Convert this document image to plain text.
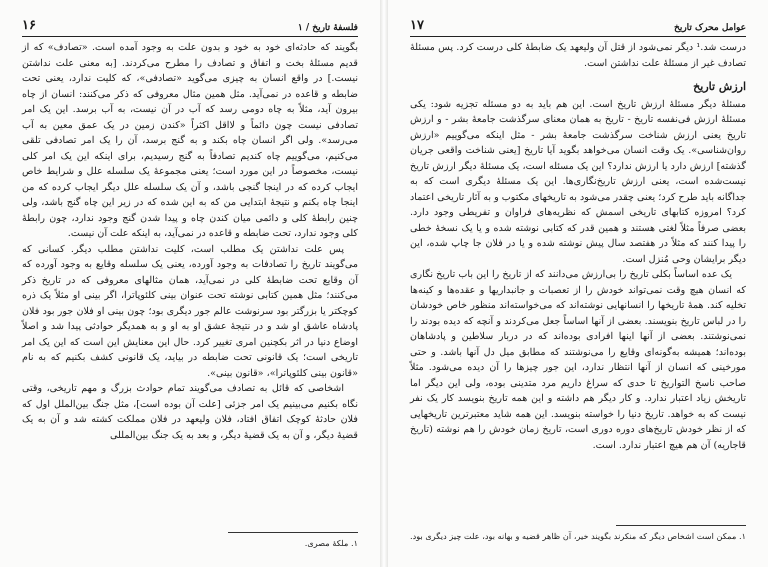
فلسفهٔ تاریخ / ۱
۱۶

بگویند که حادثه‌ای خود به خود و بدون علت به وجود آمده است. «تصادف» که از قدیم مسئلهٔ بخت و اتفاق و تصادف را مطرح می‌کردند. [به معنی علت نداشتن نیست.] در واقع انسان به چیزی می‌گوید «تصادفی»، که کلیت ندارد، یعنی تحت ضابطه و قاعده در نمی‌آید. مثل همین مثال معروفی که ذکر می‌کنند: انسان از چاه بیرون آید، مثلاً به چاه دومی رسد که آب در آن نیست، به آب برسد. این یک امر تصادفی نیست چون دائماً و لااقل اکثراً «کندن زمین در یک عمق معین به آب می‌رسد». ولی اگر انسان چاه بکند و به گنج برسد، آن را یک امر تصادفی تلقی می‌کنیم، می‌گوییم چاه کندیم تصادفاً به گنج رسیدیم، برای اینکه این یک امر کلی نیست، مخصوصاً در این مورد است؛ یعنی مجموعهٔ یک سلسله علل و شرایط خاص ایجاب کرده که در اینجا گنجی باشد، و آن یک سلسله علل دیگر ایجاب کرده که من اینجا چاه بکنم و نتیجهٔ ابتدایی من که به این شده که در زیر این چاه گنج باشد، ولی چنین رابطهٔ کلی و دائمی میان کندن چاه و پیدا شدن گنج وجود ندارد، چون رابطهٔ کلی وجود ندارد، تحت ضابطه و قاعده در نمی‌آید، به اینکه علت آن نیست.

پس علت نداشتن یک مطلب است، کلیت نداشتن مطلب دیگر. کسانی که می‌گویند تاریخ را تصادفات به وجود آورده، یعنی یک سلسله وقایع به وجود آورده که آن وقایع تحت ضابطهٔ کلی در نمی‌آید، همان مثالهای معروفی که در تاریخ ذکر می‌کنند؛ مثل همین کتابی نوشته تحت عنوان بینی کلئوپاترا، اگر بینی او مثلاً یک ذره کوچکتر یا بزرگتر بود سرنوشت عالم جور دیگری بود؛ چون بینی او فلان جور بود فلان پادشاه عاشق او شد و در نتیجهٔ عشق او به او و به همدیگر حوادثی پیدا شد و اصلاً اوضاع دنیا در اثر بکچنین امری تغییر کرد. حال این معنایش این است که این یک امر تاریخی است؛ یک قانونی تحت ضابطه در بیاید، یک قانونی کشف بکنیم که به نام «قانون بینی کلئوپاترا»، «قانون بینی».

اشخاصی که قائل به تصادف می‌گویند تمام حوادث بزرگ و مهم تاریخی، وقتی نگاه بکنیم می‌بینیم یک امر جزئی [علت آن بوده است]، مثل جنگ بین‌الملل اول که فلان حادثهٔ کوچک اتفاق افتاد، فلان ولیعهد در فلان مملکت کشته شد و آن به یک قضیهٔ دیگر، و آن به یک قضیهٔ دیگر، و بعد به یک جنگ بین‌المللی

۱. ملکهٔ مصری.
عوامل محرک تاریخ
۱۷

درست شد.¹ دیگر نمی‌شود از قتل آن ولیعهد یک ضابطهٔ کلی درست کرد. پس مسئلهٔ تصادف غیر از مسئلهٔ علت نداشتن است.

ارزش تاریخ

مسئلهٔ دیگر مسئلهٔ ارزش تاریخ است. این هم باید به دو مسئله تجزیه شود: یکی مسئلهٔ ارزش فی‌نفسه تاریخ - تاریخ به همان معنای سرگذشت جامعهٔ بشر - و ارزش تاریخ یعنی ارزش شناخت سرگذشت جامعهٔ بشر - مثل اینکه می‌گوییم «ارزش روان‌شناسی». یک وقت انسان می‌خواهد بگوید آیا تاریخ [یعنی شناخت واقعی جریان گذشته] ارزش دارد یا ارزش ندارد؟ این یک مسئله است، یک مسئلهٔ دیگر ارزش تاریخ نیست‌شده است، یعنی ارزش تاریخ‌نگاری‌ها. این یک مسئلهٔ دیگری است که به جداگانه باید طرح کرد؛ یعنی چقدر می‌شود به تاریخهای مکتوب و به آثار تاریخی اعتماد کرد؟ امروزه کتابهای تاریخی اسمش که نظریه‌های فراوان و تفریطی وجود دارد. بعضی صرفاً مثلاً لغتی هستند و همین قدر که کتابی نوشته شده و یا یک نسخهٔ خطی را پیدا کنند که مثلاً در هفتصد سال پیش نوشته شده و یا در فلان جا چاپ شده، این دیگر برایشان وحی مُنزل است.

یک عده اساساً بکلی تاریخ را بی‌ارزش می‌دانند که از تاریخ را این باب تاریخ نگاری که انسان هیچ وقت نمی‌تواند خودش را از تعصبات و جانبداریها و عقده‌ها و کینه‌ها تخلیه کند. همهٔ تاریخها را انسانهایی نوشته‌اند که می‌خواسته‌اند منظور خاص خودشان را در لباس تاریخ بنویسند. بعضی از آنها اساساً جعل می‌کردند و آنچه که دیده بودند را نمی‌نوشتند. بعضی از آنها اینها افرادی بوده‌اند که در دربار سلاطین و پادشاهان بوده‌اند؛ همیشه به‌گونه‌ای وقایع را می‌نوشتند که مطابق میل دل آنها باشد. و حتی مورخینی که انسان از آنها انتظار ندارد، این جور چیزها را آن دیده می‌شود. مثلاً صاحب ناسخ التواریخ تا حدی که سراغ داریم مرد متدینی بوده، ولی این دیگر اما تاریخش زیاد اعتبار ندارد. و کار دیگر هم داشته و این همه تاریخ بنویسد کار یک نفر نیست که به خواهد. تاریخ دنیا را خواسته بنویسد. این همه شاید معتبرترین تاریخهایی که از نظر خودش تاریخ‌های دوره دوری است، تاریخ زمان خودش را هم نوشته (تاریخ قاجاریه) آن هم هیچ اعتبار ندارد. است.

۱. ممکن است اشخاص دیگر که منکرند بگویند خیر، آن ظاهر قضیه و بهانه بود، علت چیز دیگری بود.
